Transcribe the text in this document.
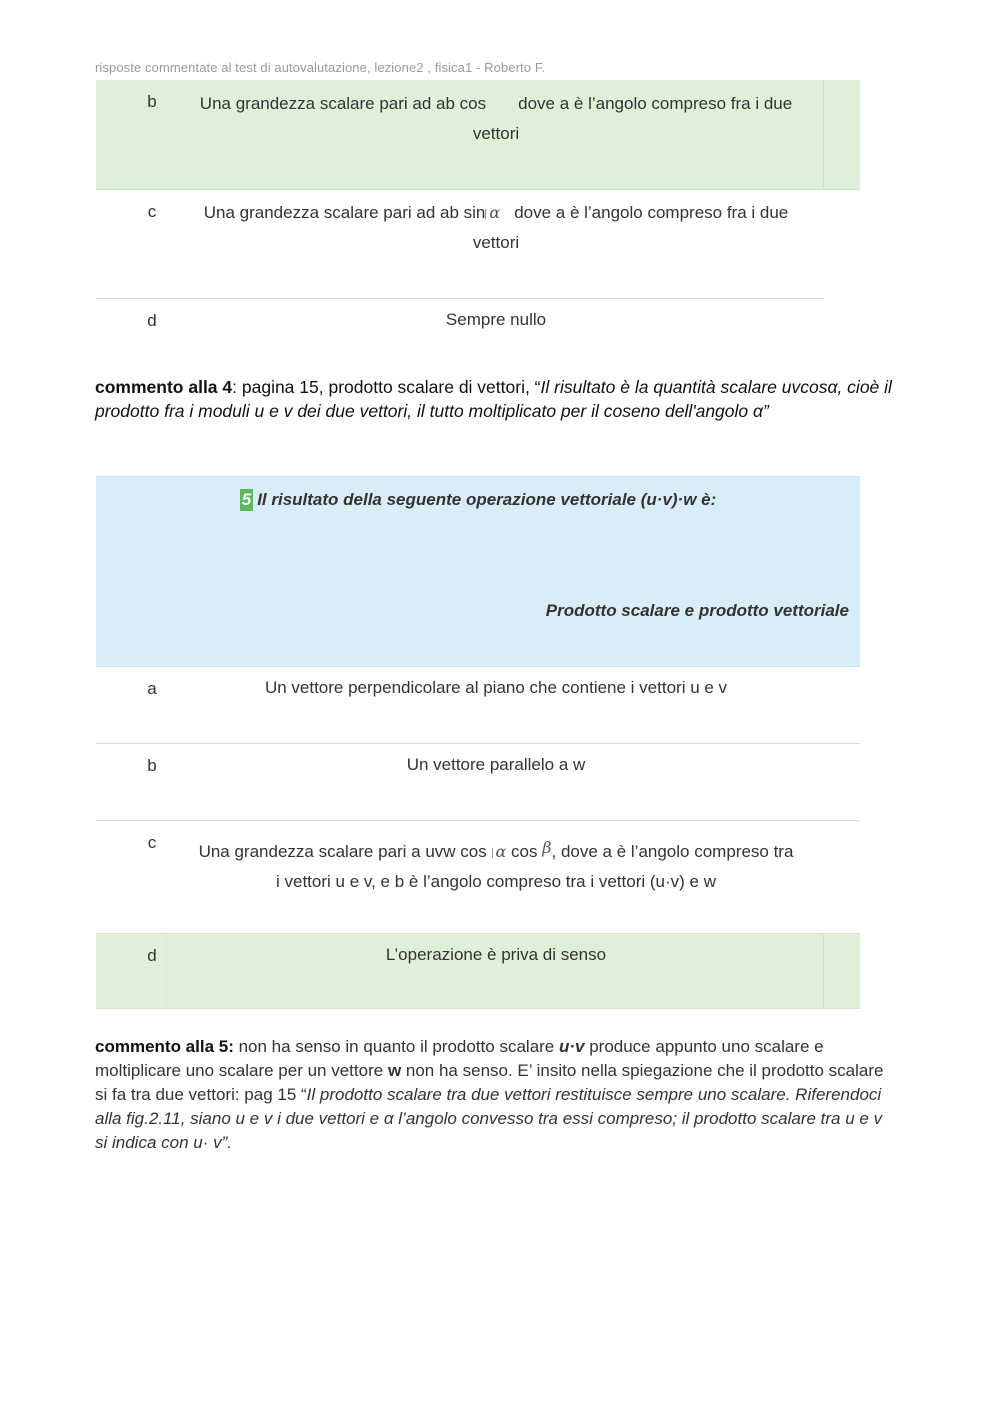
risposte commentate al test di autovalutazione, lezione2 , fisica1 - Roberto F.
b	Una grandezza scalare pari ad ab cos dove a è l’angolo compreso fra i due
vettori
c	Una grandezza scalare pari ad ab sin α dove a è l’angolo compreso fra i due
vettori
d	Sempre nullo
commento alla 4: pagina 15, prodotto scalare di vettori, “Il risultato è la quantità scalare uvcosα, cioè il prodotto fra i moduli u e v dei due vettori, il tutto moltiplicato per il coseno dell'angolo α”
5 Il risultato della seguente operazione vettoriale (u·v)·w è:
Prodotto scalare e prodotto vettoriale
a	Un vettore perpendicolare al piano che contiene i vettori u e v
b	Un vettore parallelo a w
c	Una grandezza scalare pari a uvw cos α cos β, dove a è l’angolo compreso tra
i vettori u e v, e b è l’angolo compreso tra i vettori (u·v) e w
d	L’operazione è priva di senso
commento alla 5: non ha senso in quanto il prodotto scalare u·v produce appunto uno scalare e moltiplicare uno scalare per un vettore w non ha senso. E’ insito nella spiegazione che il prodotto scalare si fa tra due vettori: pag 15 “Il prodotto scalare tra due vettori restituisce sempre uno scalare. Riferendoci alla fig.2.11, siano u e v i due vettori e α l’angolo convesso tra essi compreso; il prodotto scalare tra u e v si indica con u· v”.
